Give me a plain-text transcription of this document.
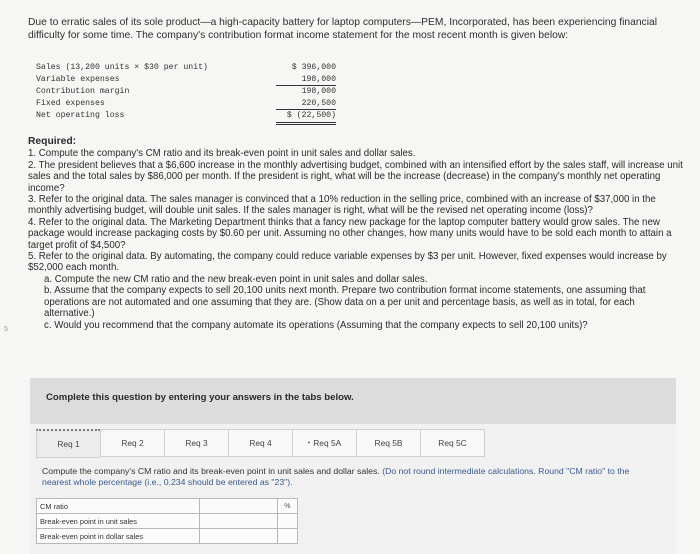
Due to erratic sales of its sole product—a high-capacity battery for laptop computers—PEM, Incorporated, has been experiencing financial difficulty for some time. The company's contribution format income statement for the most recent month is given below:
Sales (13,200 units × $30 per unit)	$ 396,000
Variable expenses	198,000
Contribution margin	198,000
Fixed expenses	220,500
Net operating loss	$ (22,500)
Required:

1. Compute the company's CM ratio and its break-even point in unit sales and dollar sales.

2. The president believes that a $6,600 increase in the monthly advertising budget, combined with an intensified effort by the sales staff, will increase unit sales and the total sales by $86,000 per month. If the president is right, what will be the increase (decrease) in the company's monthly net operating income?

3. Refer to the original data. The sales manager is convinced that a 10% reduction in the selling price, combined with an increase of $37,000 in the monthly advertising budget, will double unit sales. If the sales manager is right, what will be the revised net operating income (loss)?

4. Refer to the original data. The Marketing Department thinks that a fancy new package for the laptop computer battery would grow sales. The new package would increase packaging costs by $0.60 per unit. Assuming no other changes, how many units would have to be sold each month to attain a target profit of $4,500?

5. Refer to the original data. By automating, the company could reduce variable expenses by $3 per unit. However, fixed expenses would increase by $52,000 each month.

a. Compute the new CM ratio and the new break-even point in unit sales and dollar sales.

b. Assume that the company expects to sell 20,100 units next month. Prepare two contribution format income statements, one assuming that operations are not automated and one assuming that they are. (Show data on a per unit and percentage basis, as well as in total, for each alternative.)

c. Would you recommend that the company automate its operations (Assuming that the company expects to sell 20,100 units)?

5
Complete this question by entering your answers in the tabs below.
Req 1	Req 2	Req 3	Req 4	• Req 5A	Req 5B	Req 5C
Compute the company's CM ratio and its break-even point in unit sales and dollar sales. (Do not round intermediate calculations. Round "CM ratio" to the nearest whole percentage (i.e., 0.234 should be entered as "23").
CM ratio		%
Break-even point in unit sales		
Break-even point in dollar sales		
